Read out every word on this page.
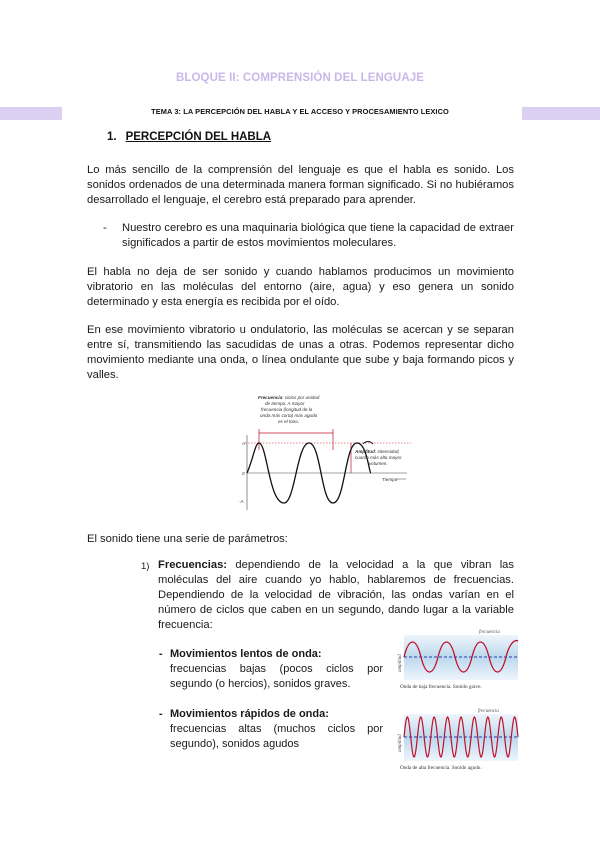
BLOQUE II: COMPRENSIÓN DEL LENGUAJE
TEMA 3: LA PERCEPCIÓN DEL HABLA Y EL ACCESO Y PROCESAMIENTO LEXICO
1. PERCEPCIÓN DEL HABLA
Lo más sencillo de la comprensión del lenguaje es que el habla es sonido. Los sonidos ordenados de una determinada manera forman significado. Si no hubiéramos desarrollado el lenguaje, el cerebro está preparado para aprender.
- Nuestro cerebro es una maquinaria biológica que tiene la capacidad de extraer significados a partir de estos movimientos moleculares.
El habla no deja de ser sonido y cuando hablamos producimos un movimiento vibratorio en las moléculas del entorno (aire, agua) y eso genera un sonido determinado y esta energía es recibida por el oído.
En ese movimiento vibratorio u ondulatorio, las moléculas se acercan y se separan entre sí, transmitiendo las sacudidas de unas a otras. Podemos representar dicho movimiento mediante una onda, o línea ondulante que sube y baja formando picos y valles.
Frecuencia: ciclos por unidad de tiempo. A mayor frecuencia (longitud de la onda más corta) más agudo es el tono.
A
0
-A
Amplitud: intensidad, cuanto más alta mayor volumen.
Tiempo
El sonido tiene una serie de parámetros:
1) Frecuencias: dependiendo de la velocidad a la que vibran las moléculas del aire cuando yo hablo, hablaremos de frecuencias. Dependiendo de la velocidad de vibración, las ondas varían en el número de ciclos que caben en un segundo, dando lugar a la variable frecuencia:
- Movimientos lentos de onda:
frecuencias bajas (pocos ciclos por segundo (o hercios), sonidos graves.
- Movimientos rápidos de onda:
frecuencias altas (muchos ciclos por segundo), sonidos agudos
frecuencia
amplitud
Onda de baja frecuencia. Sonido grave.
frecuencia
amplitud
Onda de alta frecuencia. Sonido agudo.
